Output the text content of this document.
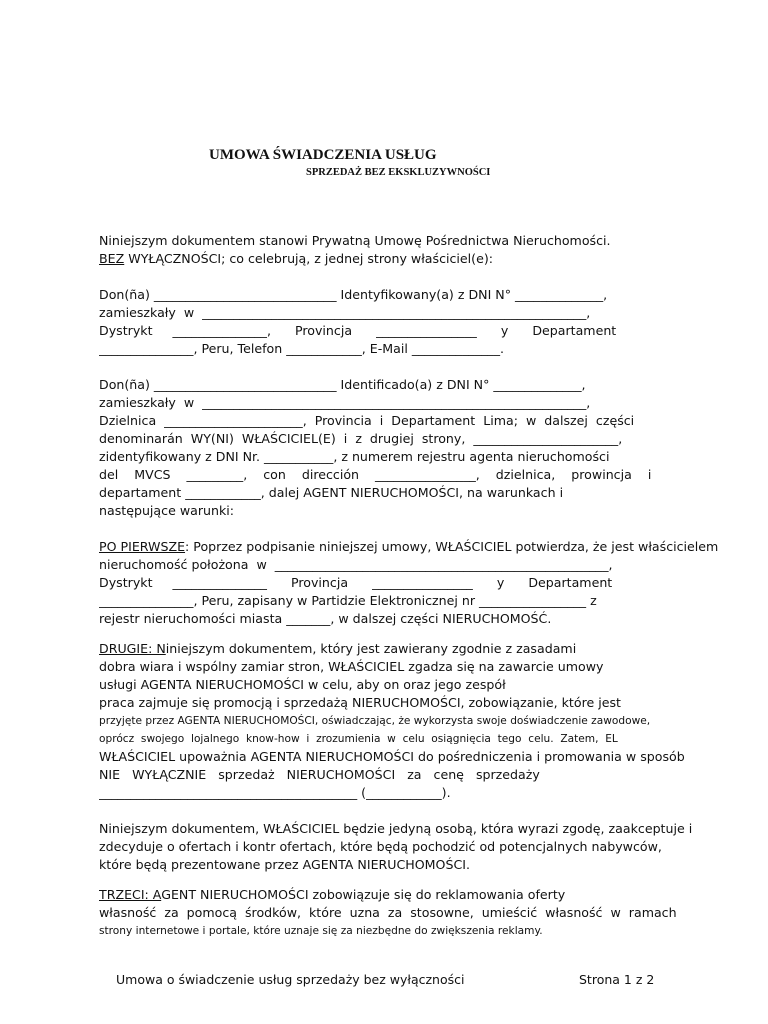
UMOWA ŚWIADCZENIA USŁUG
SPRZEDAŻ BEZ EKSKLUZYWNOŚCI
Niniejszym dokumentem stanowi Prywatną Umowę Pośrednictwa Nieruchomości.
BEZ WYŁĄCZNOŚCI; co celebrują, z jednej strony właściciel(e):
Don(ña) _____________________________ Identyfikowany(a) z DNI N° ______________,
zamieszkały  w  _____________________________________________________________,
Dystrykt     _______________,      Provincja      ________________      y      Departament
_______________, Peru, Telefon ____________, E-Mail ______________.
Don(ña) _____________________________ Identificado(a) z DNI N° ______________,
zamieszkały  w  _____________________________________________________________,
Dzielnica  ______________________,  Provincia  i  Departament  Lima;  w  dalszej  części
denominarán  WY(NI)  WŁAŚCICIEL(E)  i  z  drugiej  strony,  _______________________,
zidentyfikowany z DNI Nr. ___________, z numerem rejestru agenta nieruchomości
del    MVCS    _________,    con    dirección    ________________,    dzielnica,    prowincja    i
departament ____________, dalej AGENT NIERUCHOMOŚCI, na warunkach i
następujące warunki:
PO PIERWSZE: Poprzez podpisanie niniejszej umowy, WŁAŚCICIEL potwierdza, że jest właścicielem
nieruchomość położona  w  _____________________________________________________,
Dystrykt     _______________      Provincja      ________________      y      Departament
_______________, Peru, zapisany w Partidzie Elektronicznej nr _________________ z
rejestr nieruchomości miasta _______, w dalszej części NIERUCHOMOŚĆ.
DRUGIE: Niniejszym dokumentem, który jest zawierany zgodnie z zasadami
dobra wiara i wspólny zamiar stron, WŁAŚCICIEL zgadza się na zawarcie umowy
usługi AGENTA NIERUCHOMOŚCI w celu, aby on oraz jego zespół
praca zajmuje się promocją i sprzedażą NIERUCHOMOŚCI, zobowiązanie, które jest
przyjęte przez AGENTA NIERUCHOMOŚCI, oświadczając, że wykorzysta swoje doświadczenie zawodowe,
oprócz  swojego  lojalnego  know-how  i  zrozumienia  w  celu  osiągnięcia  tego  celu.  Zatem,  EL
WŁAŚCICIEL upoważnia AGENTA NIERUCHOMOŚCI do pośredniczenia i promowania w sposób
NIE   WYŁĄCZNIE   sprzedaż   NIERUCHOMOŚCI   za   cenę   sprzedaży
_________________________________________ (____________).
Niniejszym dokumentem, WŁAŚCICIEL będzie jedyną osobą, która wyrazi zgodę, zaakceptuje i
zdecyduje o ofertach i kontr ofertach, które będą pochodzić od potencjalnych nabywców,
które będą prezentowane przez AGENTA NIERUCHOMOŚCI.
TRZECI: AGENT NIERUCHOMOŚCI zobowiązuje się do reklamowania oferty
własność  za  pomocą  środków,  które  uzna  za  stosowne,  umieścić  własność  w  ramach
strony internetowe i portale, które uznaje się za niezbędne do zwiększenia reklamy.
Umowa o świadczenie usług sprzedaży bez wyłączności	Strona 1 z 2
